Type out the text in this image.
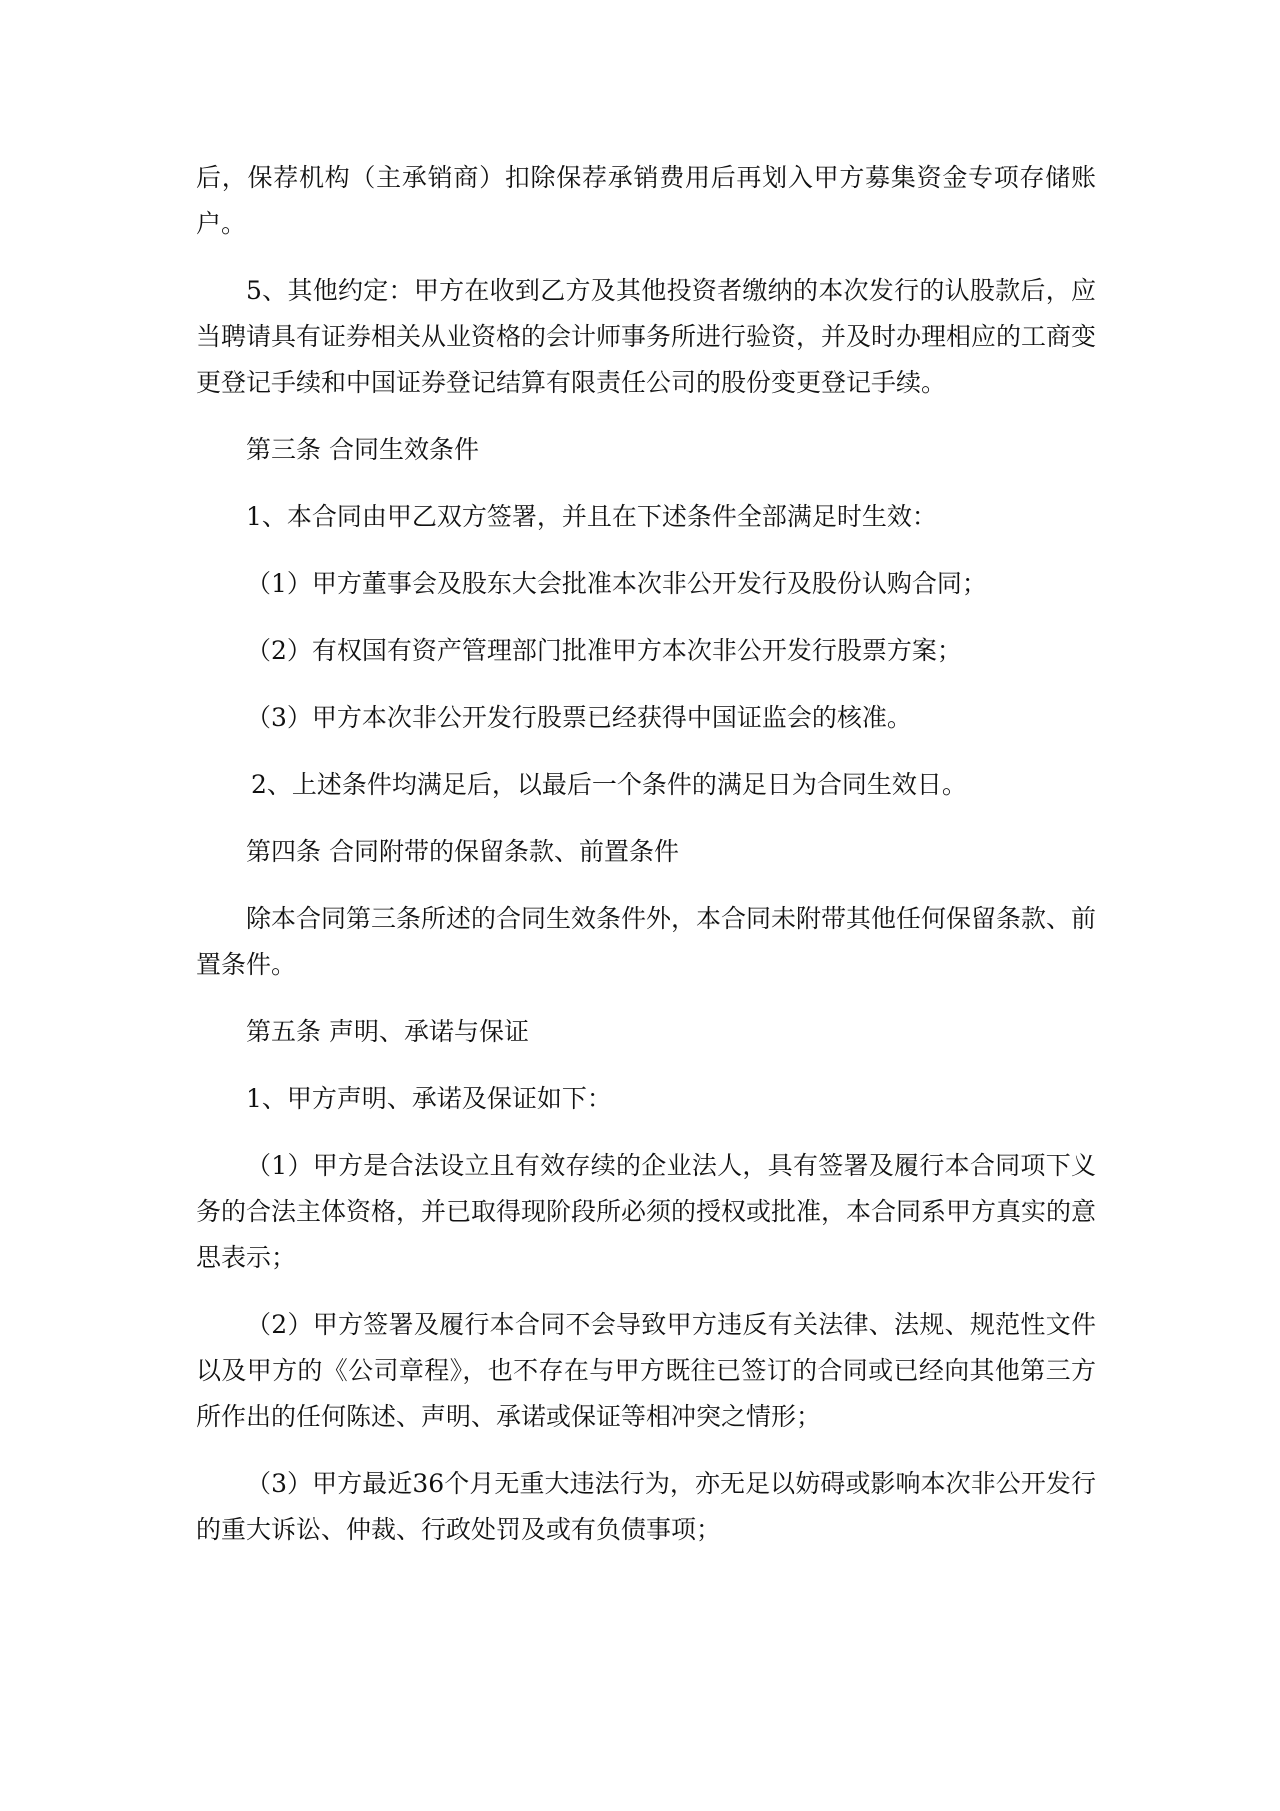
后，保荐机构（主承销商）扣除保荐承销费用后再划入甲方募集资金专项存储账户。

5、其他约定：甲方在收到乙方及其他投资者缴纳的本次发行的认股款后，应当聘请具有证券相关从业资格的会计师事务所进行验资，并及时办理相应的工商变更登记手续和中国证券登记结算有限责任公司的股份变更登记手续。

第三条 合同生效条件

1、本合同由甲乙双方签署，并且在下述条件全部满足时生效：

（1）甲方董事会及股东大会批准本次非公开发行及股份认购合同；

（2）有权国有资产管理部门批准甲方本次非公开发行股票方案；

（3）甲方本次非公开发行股票已经获得中国证监会的核准。

2、上述条件均满足后，以最后一个条件的满足日为合同生效日。

第四条 合同附带的保留条款、前置条件

除本合同第三条所述的合同生效条件外，本合同未附带其他任何保留条款、前置条件。

第五条 声明、承诺与保证

1、甲方声明、承诺及保证如下：

（1）甲方是合法设立且有效存续的企业法人，具有签署及履行本合同项下义务的合法主体资格，并已取得现阶段所必须的授权或批准，本合同系甲方真实的意思表示；

（2）甲方签署及履行本合同不会导致甲方违反有关法律、法规、规范性文件以及甲方的《公司章程》，也不存在与甲方既往已签订的合同或已经向其他第三方所作出的任何陈述、声明、承诺或保证等相冲突之情形；

（3）甲方最近36个月无重大违法行为，亦无足以妨碍或影响本次非公开发行的重大诉讼、仲裁、行政处罚及或有负债事项；
